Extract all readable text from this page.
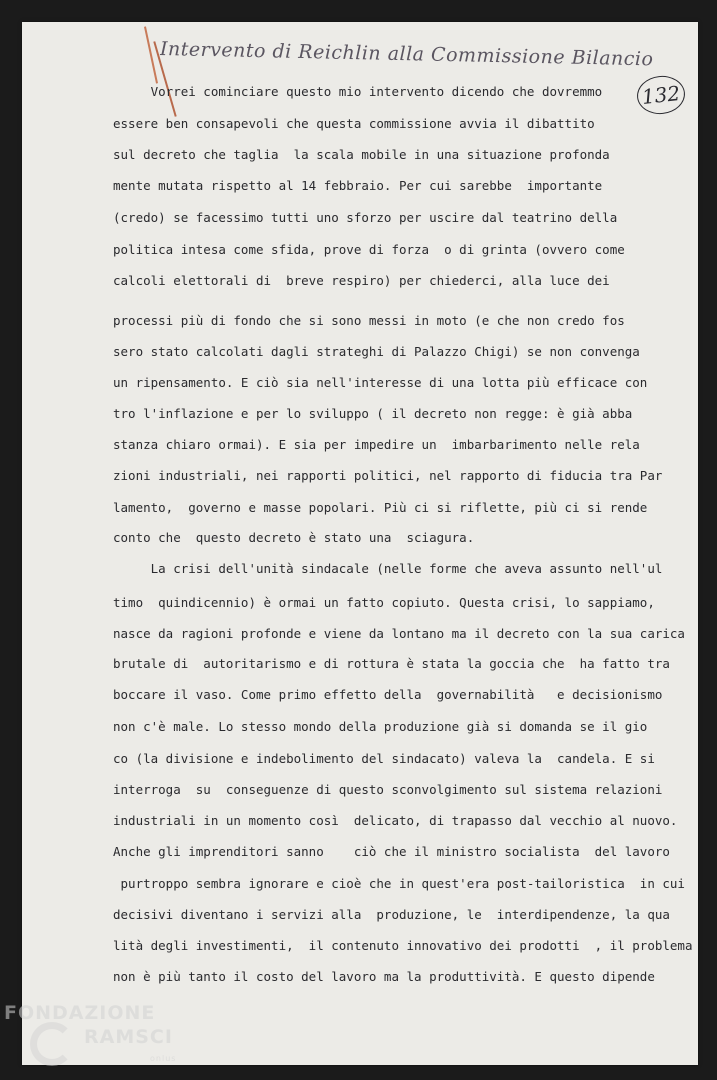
Intervento di Reichlin alla Commissione Bilancio
132
Vorrei cominciare questo mio intervento dicendo che dovremmo
essere ben consapevoli che questa commissione avvia il dibattito
sul decreto che taglia  la scala mobile in una situazione profonda
mente mutata rispetto al 14 febbraio. Per cui sarebbe  importante
(credo) se facessimo tutti uno sforzo per uscire dal teatrino della
politica intesa come sfida, prove di forza  o di grinta (ovvero come
calcoli elettorali di  breve respiro) per chiederci, alla luce dei
processi più di fondo che si sono messi in moto (e che non credo fos
sero stato calcolati dagli strateghi di Palazzo Chigi) se non convenga
un ripensamento. E ciò sia nell'interesse di una lotta più efficace con
tro l'inflazione e per lo sviluppo ( il decreto non regge: è già abba
stanza chiaro ormai). E sia per impedire un  imbarbarimento nelle rela
zioni industriali, nei rapporti politici, nel rapporto di fiducia tra Par
lamento,  governo e masse popolari. Più ci si riflette, più ci si rende
conto che  questo decreto è stato una  sciagura.
La crisi dell'unità sindacale (nelle forme che aveva assunto nell'ul
timo  quindicennio) è ormai un fatto copiuto. Questa crisi, lo sappiamo,
nasce da ragioni profonde e viene da lontano ma il decreto con la sua carica
brutale di  autoritarismo e di rottura è stata la goccia che  ha fatto tra
boccare il vaso. Come primo effetto della  governabilità   e decisionismo
non c'è male. Lo stesso mondo della produzione già si domanda se il gio
co (la divisione e indebolimento del sindacato) valeva la  candela. E si
interroga  su  conseguenze di questo sconvolgimento sul sistema relazioni
industriali in un momento così  delicato, di trapasso dal vecchio al nuovo.
Anche gli imprenditori sanno    ciò che il ministro socialista  del lavoro
purtroppo sembra ignorare e cioè che in quest'era post-tailoristica  in cui
decisivi diventano i servizi alla  produzione, le  interdipendenze, la qua
lità degli investimenti,  il contenuto innovativo dei prodotti  , il problema
non è più tanto il costo del lavoro ma la produttività. E questo dipende
FONDAZIONE
RAMSCI
onlus
